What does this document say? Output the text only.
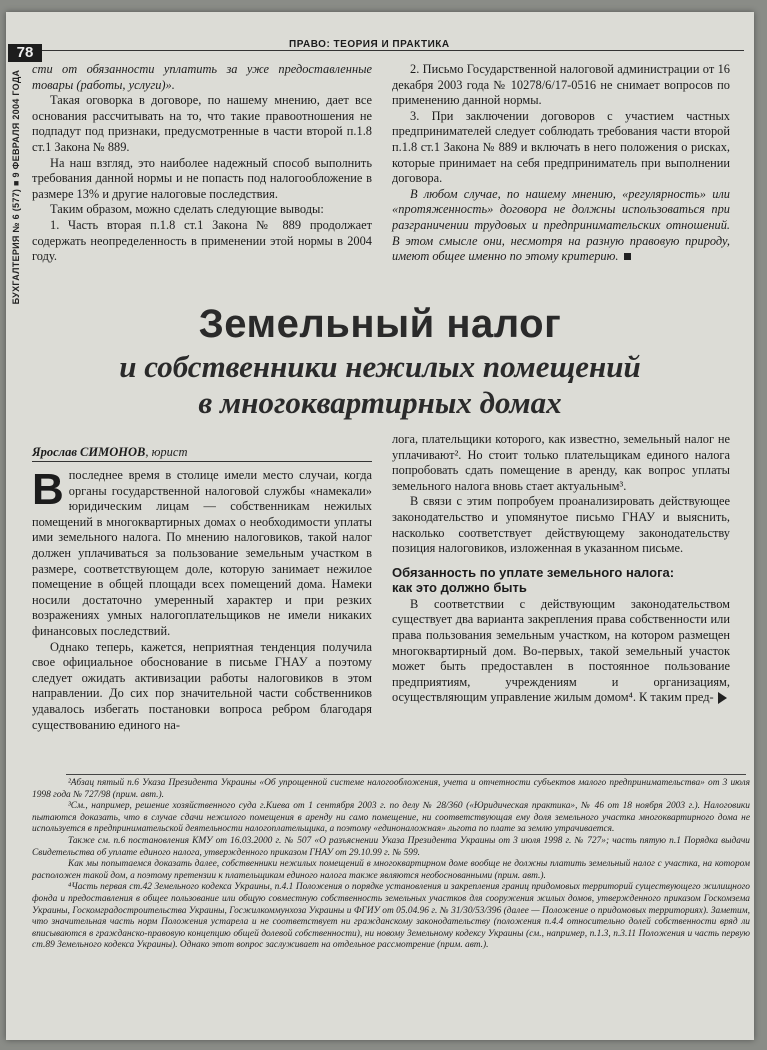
78
БУХГАЛТЕРИЯ № 6 (577) ■ 9 ФЕВРАЛЯ 2004 ГОДА
ПРАВО: ТЕОРИЯ И ПРАКТИКА

сти от обязанности уплатить за уже предоставленные товары (работы, услуги)».

Такая оговорка в договоре, по нашему мнению, дает все основания рассчитывать на то, что такие правоотношения не подпадут под признаки, предусмотренные в части второй п.1.8 ст.1 Закона № 889.

На наш взгляд, это наиболее надежный способ выполнить требования данной нормы и не попасть под налогообложение в размере 13% и другие налоговые последствия.

Таким образом, можно сделать следующие выводы:

1. Часть вторая п.1.8 ст.1 Закона № 889 продолжает содержать неопределенность в применении этой нормы в 2004 году.

2. Письмо Государственной налоговой администрации от 16 декабря 2003 года № 10278/6/17-0516 не снимает вопросов по применению данной нормы.

3. При заключении договоров с участием частных предпринимателей следует соблюдать требования части второй п.1.8 ст.1 Закона № 889 и включать в него положения о рисках, которые принимает на себя предприниматель при выполнении договора.

В любом случае, по нашему мнению, «регулярность» или «протяженность» договора не должны использоваться при разграничении трудовых и предпринимательских отношений. В этом смысле они, несмотря на разную правовую природу, имеют общее именно по этому критерию.

Земельный налог

и собственники нежилых помещений

в многоквартирных домах

Ярослав СИМОНОВ, юрист

Впоследнее время в столице имели место случаи, когда органы государственной налоговой службы «намекали» юридическим лицам — собственникам нежилых помещений в многоквартирных домах о необходимости уплаты ими земельного налога. По мнению налоговиков, такой налог должен уплачиваться за пользование земельным участком в размере, соответствующем доле, которую занимает нежилое помещение в общей площади всех помещений дома. Намеки носили достаточно умеренный характер и при резких возражениях умных налогоплательщиков не имели никаких финансовых последствий.

Однако теперь, кажется, неприятная тенденция получила свое официальное обоснование в письме ГНАУ а поэтому следует ожидать активизации работы налоговиков в этом направлении. До сих пор значительной части собственников удавалось избегать постановки вопроса ребром благодаря существованию единого на-

лога, плательщики которого, как известно, земельный налог не уплачивают². Но стоит только плательщикам единого налога попробовать сдать помещение в аренду, как вопрос уплаты земельного налога вновь стает актуальным³.

В связи с этим попробуем проанализировать действующее законодательство и упомянутое письмо ГНАУ и выяснить, насколько соответствует действующему законодательству позиция налоговиков, изложенная в указанном письме.

Обязанность по уплате земельного налога:
как это должно быть

В соответствии с действующим законодательством существует два варианта закрепления права собственности или права пользования земельным участком, на котором размещен многоквартирный дом. Во-первых, такой земельный участок может быть предоставлен в постоянное пользование предприятиям, учреждениям и организациям, осуществляющим управление жилым домом⁴. К таким пред-

²Абзац пятый п.6 Указа Президента Украины «Об упрощенной системе налогообложения, учета и отчетности субъектов малого предпринимательства» от 3 июля 1998 года № 727/98 (прим. авт.).

³См., например, решение хозяйственного суда г.Киева от 1 сентября 2003 г. по делу № 28/360 («Юридическая практика», № 46 от 18 ноября 2003 г.). Налоговики пытаются доказать, что в случае сдачи нежилого помещения в аренду ни само помещение, ни соответствующая ему доля земельного участка многоквартирного дома не используется в предпринимательской деятельности налогоплательщика, а поэтому «единоналожная» льгота по плате за землю утрачивается.

Также см. п.6 постановления КМУ от 16.03.2000 г. № 507 «О разъяснении Указа Президента Украины от 3 июля 1998 г. № 727»; часть пятую п.1 Порядка выдачи Свидетельства об уплате единого налога, утвержденного приказом ГНАУ от 29.10.99 г. № 599.

Как мы попытаемся доказать далее, собственники нежилых помещений в многоквартирном доме вообще не должны платить земельный налог с участка, на котором расположен такой дом, а поэтому претензии к плательщикам единого налога также являются необоснованными (прим. авт.).

⁴Часть первая ст.42 Земельного кодекса Украины, п.4.1 Положения о порядке установления и закрепления границ придомовых территорий существующего жилищного фонда и предоставления в общее пользование или общую совместную собственность земельных участков для сооружения жилых домов, утвержденного приказом Госкомзема Украины, Госкомградостроительства Украины, Госжилкоммунхоза Украины и ФГИУ от 05.04.96 г. № 31/30/53/396 (далее — Положение о придомовых территориях). Заметим, что значительная часть норм Положения устарела и не соответствует ни гражданскому законодательству (положения п.4.4 относительно долей собственности вряд ли вписываются в гражданско-правовую концепцию общей долевой собственности), ни новому Земельному кодексу Украины (см., например, п.1.3, п.3.11 Положения и часть первую ст.89 Земельного кодекса Украины). Однако этот вопрос заслуживает на отдельное рассмотрение (прим. авт.).
